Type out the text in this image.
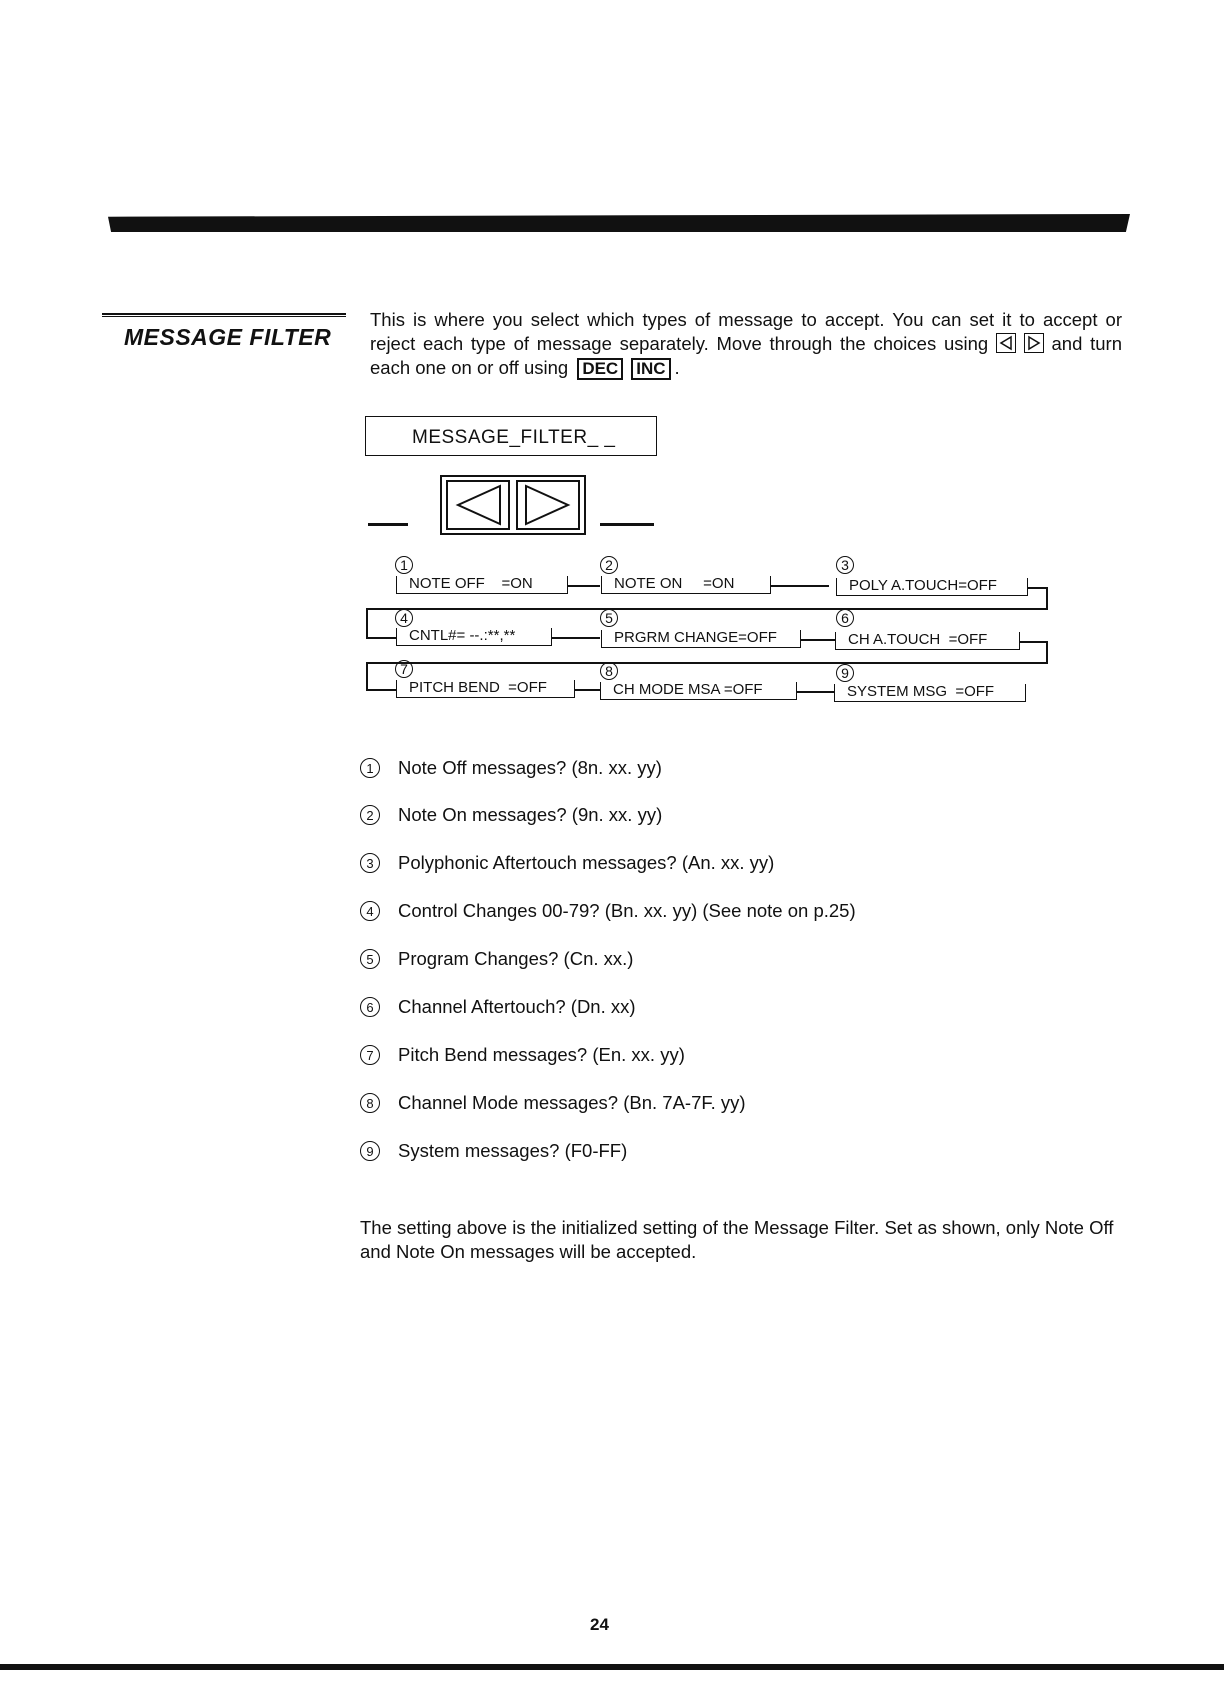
MESSAGE FILTER
This is where you select which types of message to accept. You can set it to accept or reject each type of message separately. Move through the choices using
	and turn each one on or off using DEC INC .
MESSAGE_FILTER_ _
1
NOTE OFF    =ON
2
NOTE ON     =ON
3
POLY A.TOUCH=OFF
4
CNTL#= --.:**,**
5
PRGRM CHANGE=OFF
6
CH A.TOUCH  =OFF
7
PITCH BEND  =OFF
8
CH MODE MSA =OFF
9
SYSTEM MSG  =OFF
1 Note Off messages? (8n. xx. yy)
2 Note On messages? (9n. xx. yy)
3 Polyphonic Aftertouch messages? (An. xx. yy)
4 Control Changes 00-79? (Bn. xx. yy) (See note on p.25)
5 Program Changes? (Cn. xx.)
6 Channel Aftertouch? (Dn. xx)
7 Pitch Bend messages? (En. xx. yy)
8 Channel Mode messages? (Bn. 7A-7F. yy)
9 System messages? (F0-FF)
The setting above is the initialized setting of the Message Filter. Set as shown, only Note Off and Note On messages will be accepted.
24
